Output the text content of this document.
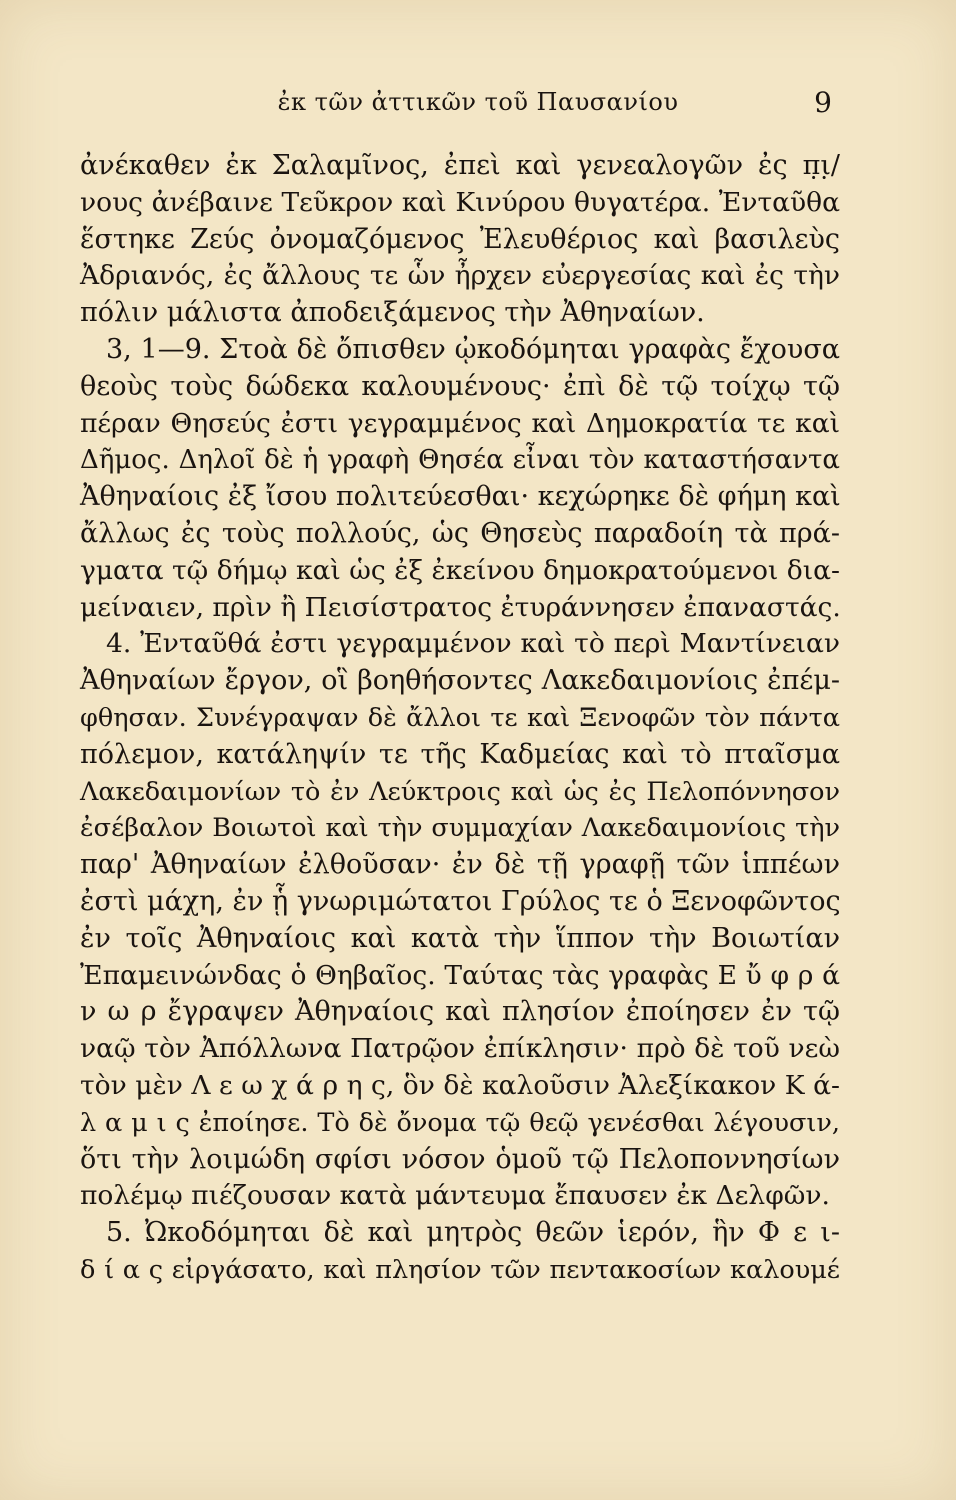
ἐκ τῶν ἀττικῶν τοῦ Παυσανίου	9
ἀνέκαθεν ἐκ Σαλαμῖνος, ἐπεὶ καὶ γενεαλογῶν ἐς π̣ι̣/
νους ἀνέβαινε Τεῦκρον καὶ Κινύρου θυγατέρα. Ἐνταῦθα
ἕστηκε Ζεύς ὀνομαζόμενος Ἐλευθέριος καὶ βασιλεὺς
Ἀδριανός, ἐς ἄλλους τε ὧν ἦρχεν εὐεργεσίας καὶ ἐς τὴν
πόλιν μάλιστα ἀποδειξάμενος τὴν Ἀθηναίων.
3, 1—9. Στοὰ δὲ ὄπισθεν ᾠκοδόμηται γραφὰς ἔχουσα
θεοὺς τοὺς δώδεκα καλουμένους· ἐπὶ δὲ τῷ τοίχῳ τῷ
πέραν Θησεύς ἐστι γεγραμμένος καὶ Δημοκρατία τε καὶ
Δῆμος. Δηλοῖ δὲ ἡ γραφὴ Θησέα εἶναι τὸν καταστήσαντα
Ἀθηναίοις ἐξ ἴσου πολιτεύεσθαι· κεχώρηκε δὲ φήμη καὶ
ἄλλως ἐς τοὺς πολλούς, ὡς Θησεὺς παραδοίη τὰ πρά-
γματα τῷ δήμῳ καὶ ὡς ἐξ ἐκείνου δημοκρατούμενοι δια-
μείναιεν, πρὶν ἢ Πεισίστρατος ἐτυράννησεν ἐπαναστάς.
4. Ἐνταῦθά ἐστι γεγραμμένον καὶ τὸ περὶ Μαντίνειαν
Ἀθηναίων ἔργον, οἳ βοηθήσοντες Λακεδαιμονίοις ἐπέμ-
φθησαν. Συνέγραψαν δὲ ἄλλοι τε καὶ Ξενοφῶν τὸν πάντα
πόλεμον, κατάληψίν τε τῆς Καδμείας καὶ τὸ πταῖσμα
Λακεδαιμονίων τὸ ἐν Λεύκτροις καὶ ὡς ἐς Πελοπόννησον
ἐσέβαλον Βοιωτοὶ καὶ τὴν συμμαχίαν Λακεδαιμονίοις τὴν
παρ' Ἀθηναίων ἐλθοῦσαν· ἐν δὲ τῇ γραφῇ τῶν ἱππέων
ἐστὶ μάχη, ἐν ᾗ γνωριμώτατοι Γρύλος τε ὁ Ξενοφῶντος
ἐν τοῖς Ἀθηναίοις καὶ κατὰ τὴν ἵππον τὴν Βοιωτίαν
Ἐπαμεινώνδας ὁ Θηβαῖος. Ταύτας τὰς γραφὰς Ε ὔ φ ρ ά
ν ω ρ ἔγραψεν Ἀθηναίοις καὶ πλησίον ἐποίησεν ἐν τῷ
ναῷ τὸν Ἀπόλλωνα Πατρῷον ἐπίκλησιν· πρὸ δὲ τοῦ νεὼ
τὸν μὲν Λ ε ω χ ά ρ η ς, ὃν δὲ καλοῦσιν Ἀλεξίκακον Κ ά-
λ α μ ι ς ἐποίησε. Τὸ δὲ ὄνομα τῷ θεῷ γενέσθαι λέγουσιν,
ὅτι τὴν λοιμώδη σφίσι νόσον ὁμοῦ τῷ Πελοποννησίων
πολέμῳ πιέζουσαν κατὰ μάντευμα ἔπαυσεν ἐκ Δελφῶν.
5. Ὠκοδόμηται δὲ καὶ μητρὸς θεῶν ἱερόν, ἣν Φ ε ι-
δ ί α ς εἰργάσατο, καὶ πλησίον τῶν πεντακοσίων καλουμέ
